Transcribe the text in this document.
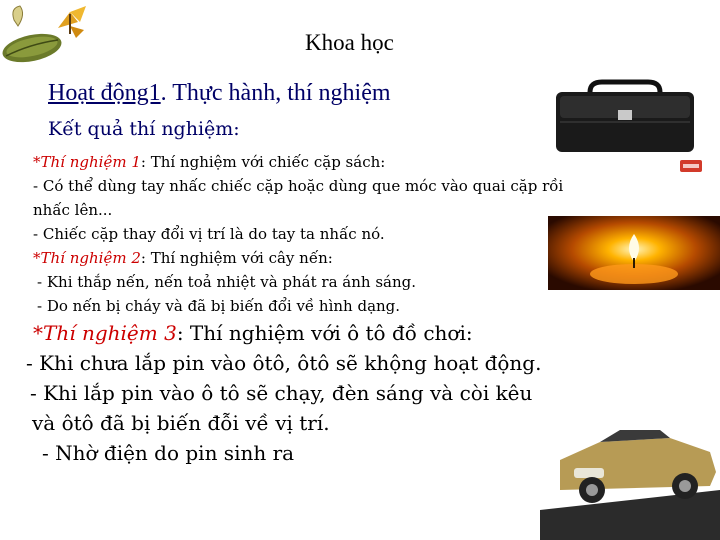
Khoa học
Hoạt động1. Thực hành, thí nghiệm
Kết quả thí nghiệm:
*Thí nghiệm 1: Thí nghiệm với chiếc cặp sách:
- Có thể dùng tay nhấc chiếc cặp hoặc dùng que móc vào quai cặp rồi
nhấc lên...
- Chiếc cặp thay đổi vị trí là do tay ta nhấc nó.
*Thí nghiệm 2: Thí nghiệm với cây nến:
- Khi thắp nến, nến toả nhiệt và phát ra ánh sáng.
- Do nến bị cháy và đã bị biến đổi về hình dạng.
*Thí nghiệm 3: Thí nghiệm với ô tô đồ chơi:
- Khi chưa lắp pin vào ôtô, ôtô sẽ khộng hoạt động.
- Khi lắp pin vào ô tô sẽ chạy, đèn sáng và còi kêu
và ôtô đã bị biến đỗi về vị trí.
- Nhờ điện do pin sinh ra
